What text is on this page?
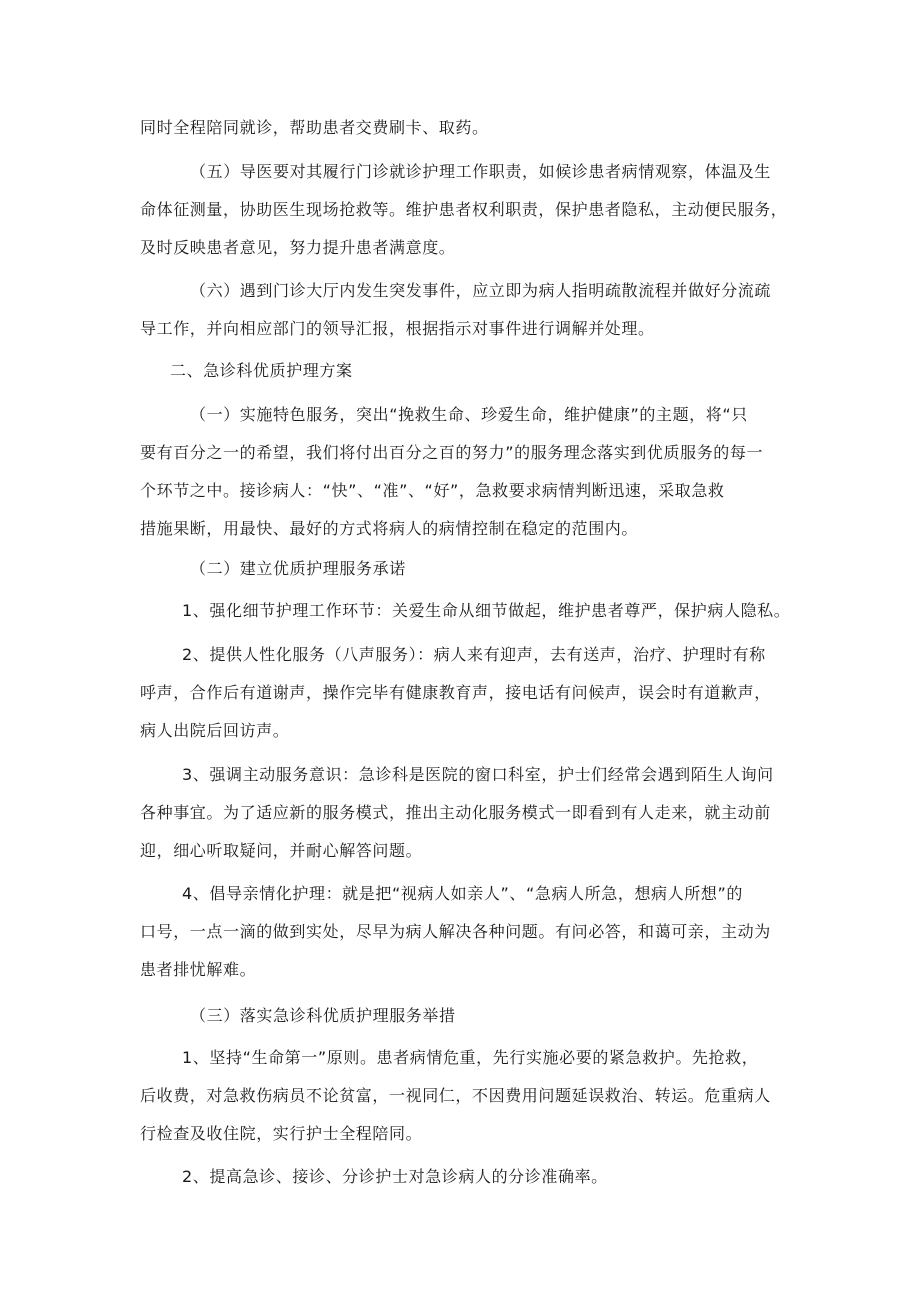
同时全程陪同就诊，帮助患者交费刷卡、取药。
（五）导医要对其履行门诊就诊护理工作职责，如候诊患者病情观察，体温及生
命体征测量，协助医生现场抢救等。维护患者权利职责，保护患者隐私，主动便民服务，
及时反映患者意见，努力提升患者满意度。
（六）遇到门诊大厅内发生突发事件，应立即为病人指明疏散流程并做好分流疏
导工作，并向相应部门的领导汇报，根据指示对事件进行调解并处理。
二、急诊科优质护理方案
（一）实施特色服务，突出“挽救生命、珍爱生命，维护健康”的主题，将“只
要有百分之一的希望，我们将付出百分之百的努力”的服务理念落实到优质服务的每一
个环节之中。接诊病人：“快”、“准”、“好”，急救要求病情判断迅速，采取急救
措施果断，用最快、最好的方式将病人的病情控制在稳定的范围内。
（二）建立优质护理服务承诺
1、强化细节护理工作环节：关爱生命从细节做起，维护患者尊严，保护病人隐私。
2、提供人性化服务（八声服务）：病人来有迎声，去有送声，治疗、护理时有称
呼声，合作后有道谢声，操作完毕有健康教育声，接电话有问候声，误会时有道歉声，
病人出院后回访声。
3、强调主动服务意识：急诊科是医院的窗口科室，护士们经常会遇到陌生人询问
各种事宜。为了适应新的服务模式，推出主动化服务模式一即看到有人走来，就主动前
迎，细心听取疑问，并耐心解答问题。
4、倡导亲情化护理：就是把“视病人如亲人”、“急病人所急，想病人所想”的
口号，一点一滴的做到实处，尽早为病人解决各种问题。有问必答，和蔼可亲，主动为
患者排忧解难。
（三）落实急诊科优质护理服务举措
1、坚持“生命第一”原则。患者病情危重，先行实施必要的紧急救护。先抢救，
后收费，对急救伤病员不论贫富，一视同仁，不因费用问题延误救治、转运。危重病人
行检查及收住院，实行护士全程陪同。
2、提高急诊、接诊、分诊护士对急诊病人的分诊准确率。
